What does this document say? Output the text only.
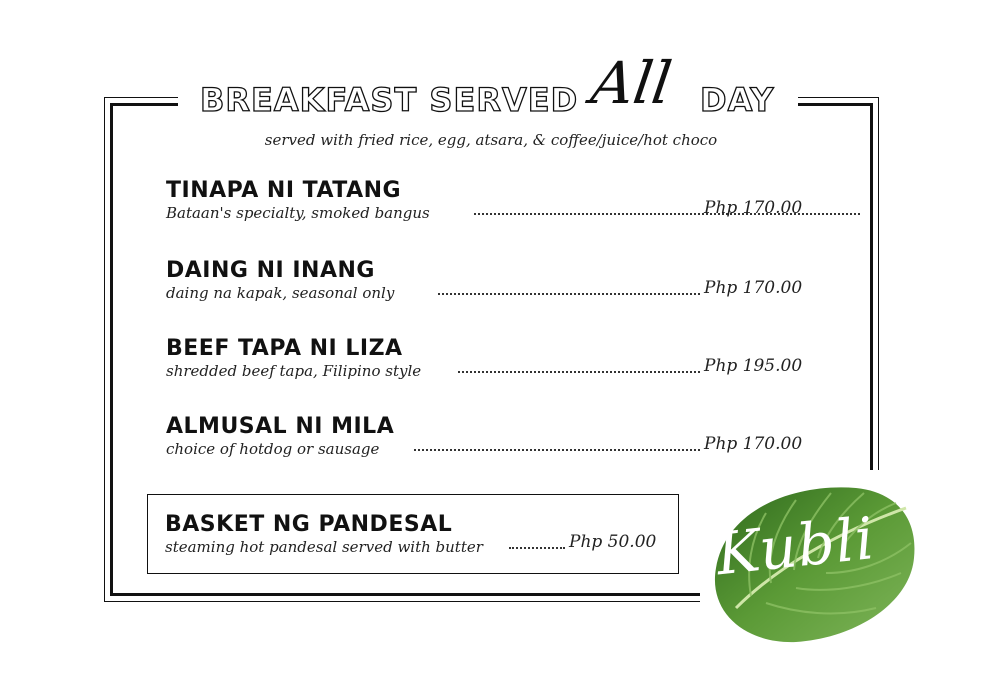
BREAKFAST SERVED All DAY
served with fried rice, egg, atsara, & coffee/juice/hot choco
TINAPA NI TATANG
Bataan's specialty, smoked bangus	Php 170.00
DAING NI INANG
daing na kapak, seasonal only	Php 170.00
BEEF TAPA NI LIZA
shredded beef tapa, Filipino style	Php 195.00
ALMUSAL NI MILA
choice of hotdog or sausage	Php 170.00
BASKET NG PANDESAL
steaming hot pandesal served with butter	Php 50.00 Kubli
